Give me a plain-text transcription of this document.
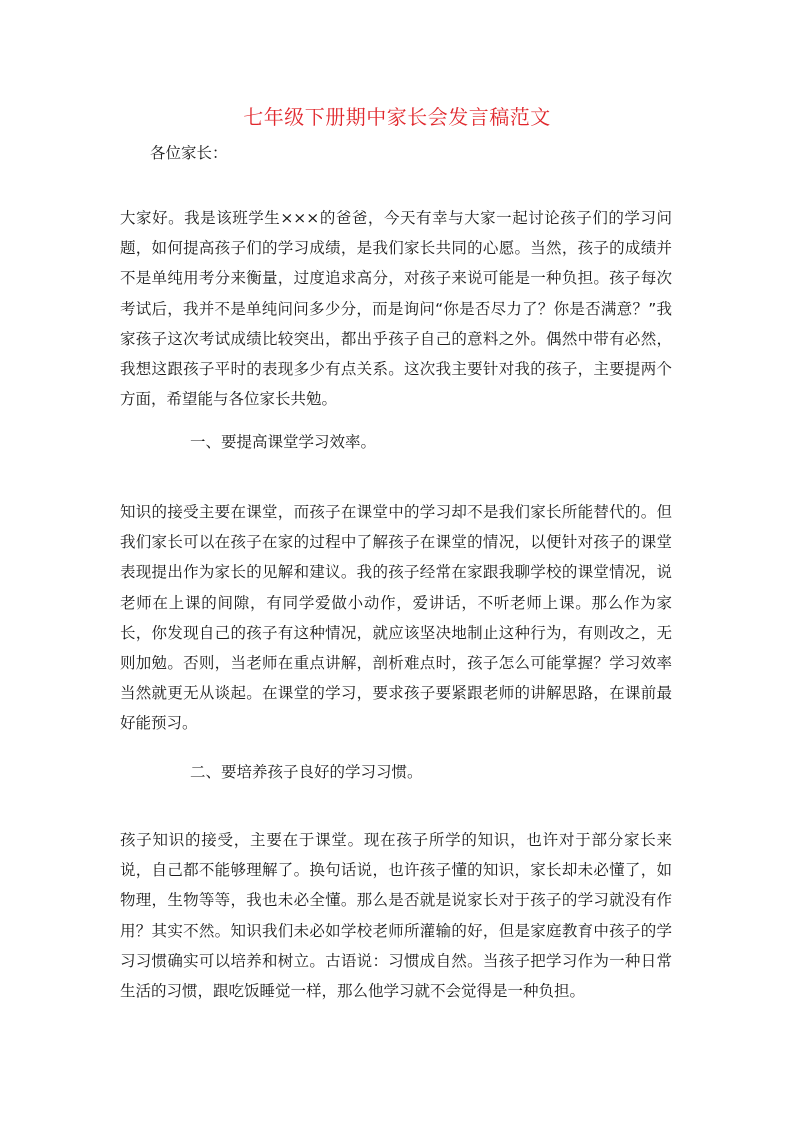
七年级下册期中家长会发言稿范文

各位家长：

大家好。我是该班学生×××的爸爸，今天有幸与大家一起讨论孩子们的学习问题，如何提高孩子们的学习成绩，是我们家长共同的心愿。当然，孩子的成绩并不是单纯用考分来衡量，过度追求高分，对孩子来说可能是一种负担。孩子每次考试后，我并不是单纯问问多少分，而是询问“你是否尽力了？你是否满意？”我家孩子这次考试成绩比较突出，都出乎孩子自己的意料之外。偶然中带有必然，我想这跟孩子平时的表现多少有点关系。这次我主要针对我的孩子，主要提两个方面，希望能与各位家长共勉。

一、要提高课堂学习效率。

知识的接受主要在课堂，而孩子在课堂中的学习却不是我们家长所能替代的。但我们家长可以在孩子在家的过程中了解孩子在课堂的情况，以便针对孩子的课堂表现提出作为家长的见解和建议。我的孩子经常在家跟我聊学校的课堂情况，说老师在上课的间隙，有同学爱做小动作，爱讲话，不听老师上课。那么作为家长，你发现自己的孩子有这种情况，就应该坚决地制止这种行为，有则改之，无则加勉。否则，当老师在重点讲解，剖析难点时，孩子怎么可能掌握？学习效率当然就更无从谈起。在课堂的学习，要求孩子要紧跟老师的讲解思路，在课前最好能预习。

二、要培养孩子良好的学习习惯。

孩子知识的接受，主要在于课堂。现在孩子所学的知识，也许对于部分家长来说，自己都不能够理解了。换句话说，也许孩子懂的知识，家长却未必懂了，如物理，生物等等，我也未必全懂。那么是否就是说家长对于孩子的学习就没有作用？其实不然。知识我们未必如学校老师所灌输的好，但是家庭教育中孩子的学习习惯确实可以培养和树立。古语说：习惯成自然。当孩子把学习作为一种日常生活的习惯，跟吃饭睡觉一样，那么他学习就不会觉得是一种负担。
